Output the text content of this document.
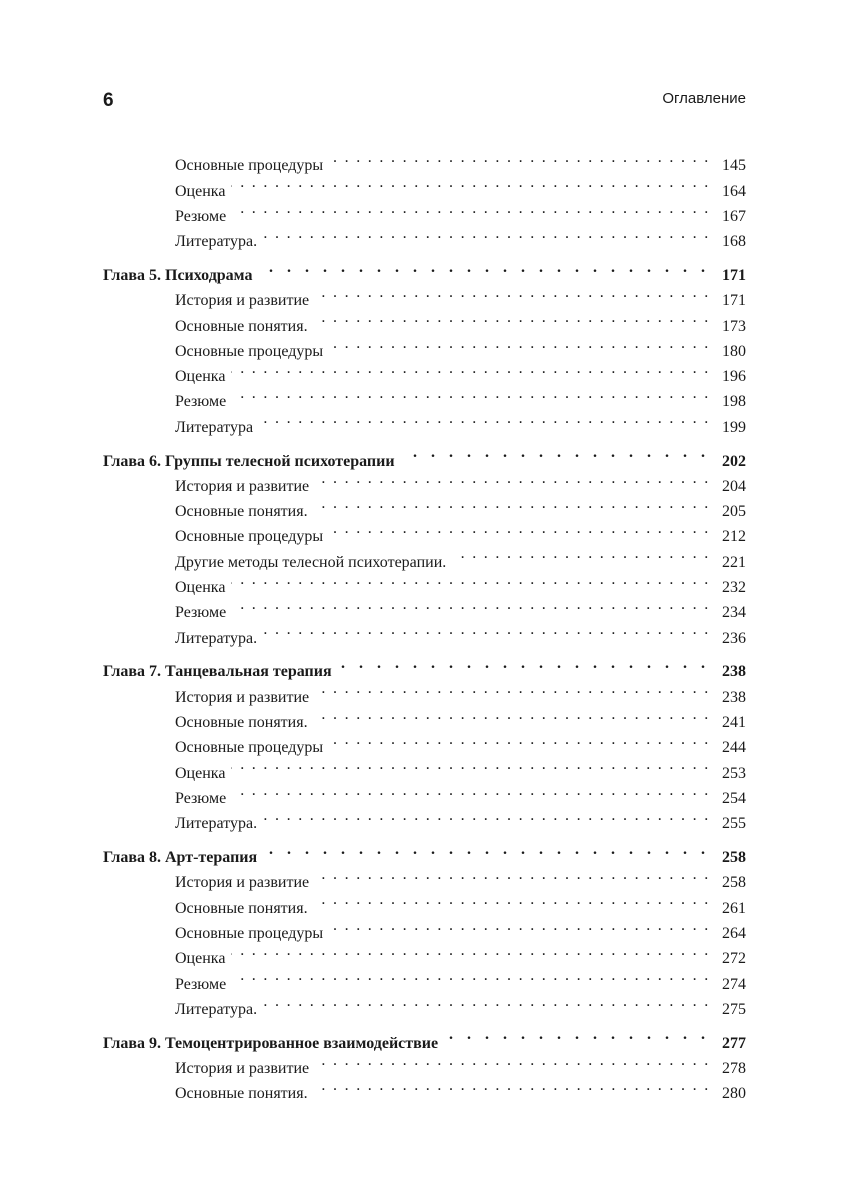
6	Оглавление
Основные процедуры . . .	145
Оценка . . .	164
Резюме . . .	167
Литература. . . .	168
Глава 5. Психодрама . . .	171
История и развитие . . .	171
Основные понятия. . . .	173
Основные процедуры . . .	180
Оценка . . .	196
Резюме . . .	198
Литература . . .	199
Глава 6. Группы телесной психотерапии . . .	202
История и развитие . . .	204
Основные понятия. . . .	205
Основные процедуры . . .	212
Другие методы телесной психотерапии. . . .	221
Оценка . . .	232
Резюме . . .	234
Литература. . . .	236
Глава 7. Танцевальная терапия . . .	238
История и развитие . . .	238
Основные понятия. . . .	241
Основные процедуры . . .	244
Оценка . . .	253
Резюме . . .	254
Литература. . . .	255
Глава 8. Арт-терапия . . .	258
История и развитие . . .	258
Основные понятия. . . .	261
Основные процедуры . . .	264
Оценка . . .	272
Резюме . . .	274
Литература. . . .	275
Глава 9. Темоцентрированное взаимодействие . . .	277
История и развитие . . .	278
Основные понятия. . . .	280
